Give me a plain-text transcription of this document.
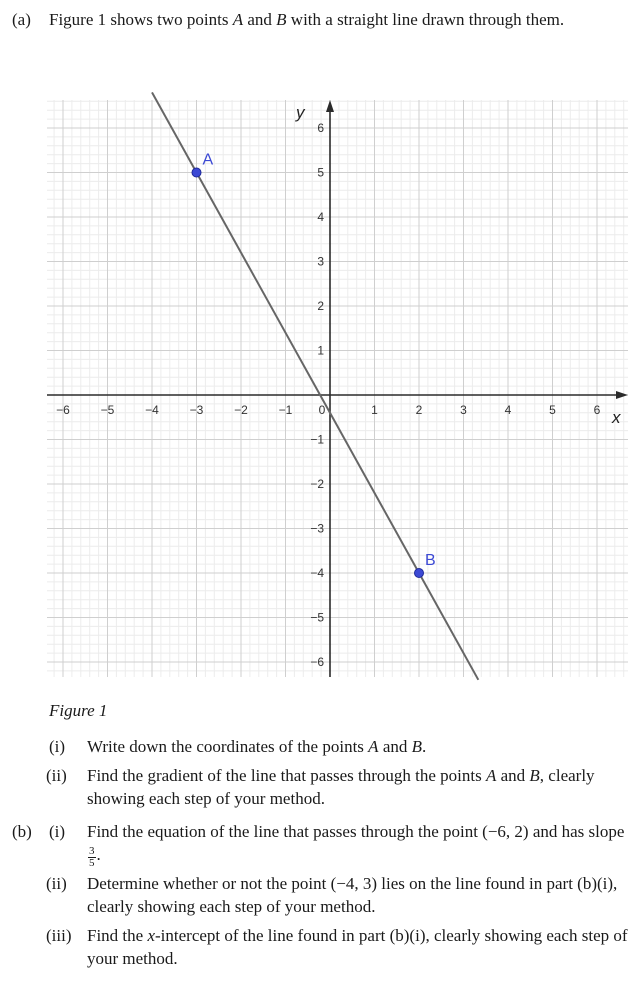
(a) Figure 1 shows two points A and B with a straight line drawn through them.
−6	−5	−4	−3	−2	−1 0	1	2	3	4	5	6
−6
−5
−4
−3
−2
−1
1
2
3
4
5
6
x
y
A
B
Figure 1
(i) Write down the coordinates of the points A and B.
(ii) Find the gradient of the line that passes through the points A and B, clearly showing each step of your method.
(b) (i) Find the equation of the line that passes through the point (−6, 2) and has slope
$\frac{3}{5}$ .
(ii) Determine whether or not the point (−4, 3) lies on the line found in part (b)(i), clearly showing each step of your method.
(iii) Find the x-intercept of the line found in part (b)(i), clearly showing each step of your method.
